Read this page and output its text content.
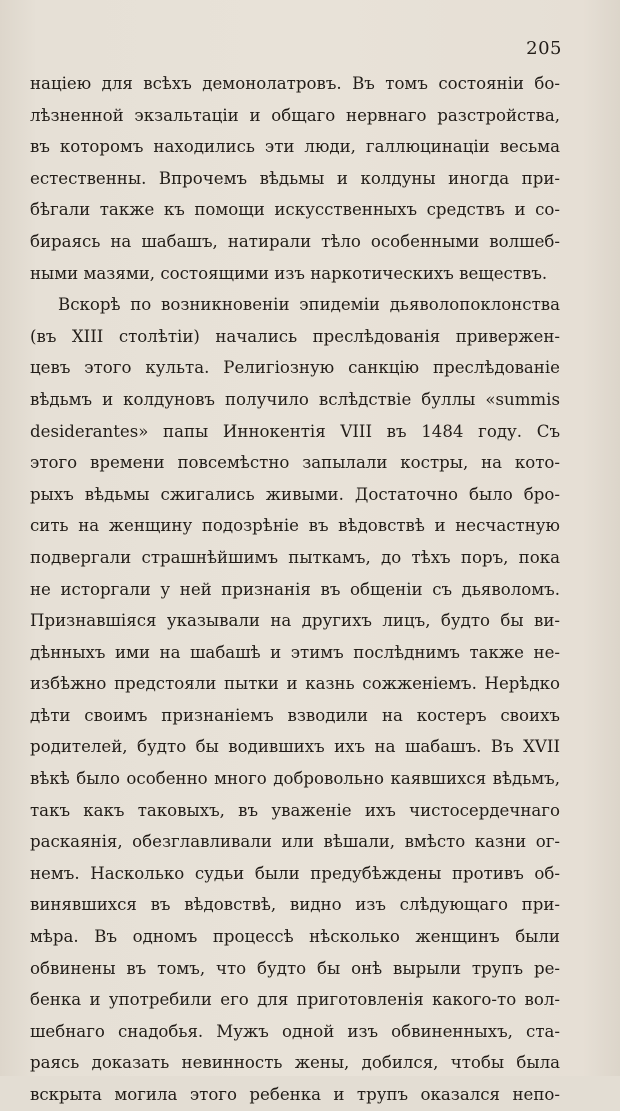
205
нацiею для всѣхъ демонолатровъ. Въ томъ состоянiи бо-
лѣзненной экзальтацiи и общаго нервнаго разстройства,
въ которомъ находились эти люди, галлюцинацiи весьма
естественны. Впрочемъ вѣдьмы и колдуны иногда при-
бѣгали также къ помощи искусственныхъ средствъ и со-
бираясь на шабашъ, натирали тѣло особенными волшеб-
ными мазями, состоящими изъ наркотическихъ веществъ.
Вскорѣ по возникновенiи эпидемiи дьяволопоклонства
(въ XIII столѣтiи) начались преслѣдованiя привержен-
цевъ этого культа. Религiозную санкцiю преслѣдованiе
вѣдьмъ и колдуновъ получило вслѣдствiе буллы «summis
desiderantes» папы Иннокентiя VIII въ 1484 году. Съ
этого времени повсемѣстно запылали костры, на кото-
рыхъ вѣдьмы сжигались живыми. Достаточно было бро-
сить на женщину подозрѣнiе въ вѣдовствѣ и несчастную
подвергали страшнѣйшимъ пыткамъ, до тѣхъ поръ, пока
не исторгали у ней признанiя въ общенiи съ дьяволомъ.
Признавшiяся указывали на другихъ лицъ, будто бы ви-
дѣнныхъ ими на шабашѣ и этимъ послѣднимъ также не-
избѣжно предстояли пытки и казнь сожженiемъ. Нерѣдко
дѣти своимъ признанiемъ взводили на костеръ своихъ
родителей, будто бы водившихъ ихъ на шабашъ. Въ XVII
вѣкѣ было особенно много добровольно каявшихся вѣдьмъ,
такъ какъ таковыхъ, въ уваженiе ихъ чистосердечнаго
раскаянiя, обезглавливали или вѣшали, вмѣсто казни ог-
немъ. Насколько судьи были предубѣждены противъ об-
винявшихся въ вѣдовствѣ, видно изъ слѣдующаго при-
мѣра. Въ одномъ процессѣ нѣсколько женщинъ были
обвинены въ томъ, что будто бы онѣ вырыли трупъ ре-
бенка и употребили его для приготовленiя какого-то вол-
шебнаго снадобья. Мужъ одной изъ обвиненныхъ, ста-
раясь доказать невинность жены, добился, чтобы была
вскрыта могила этого ребенка и трупъ оказался непо-
